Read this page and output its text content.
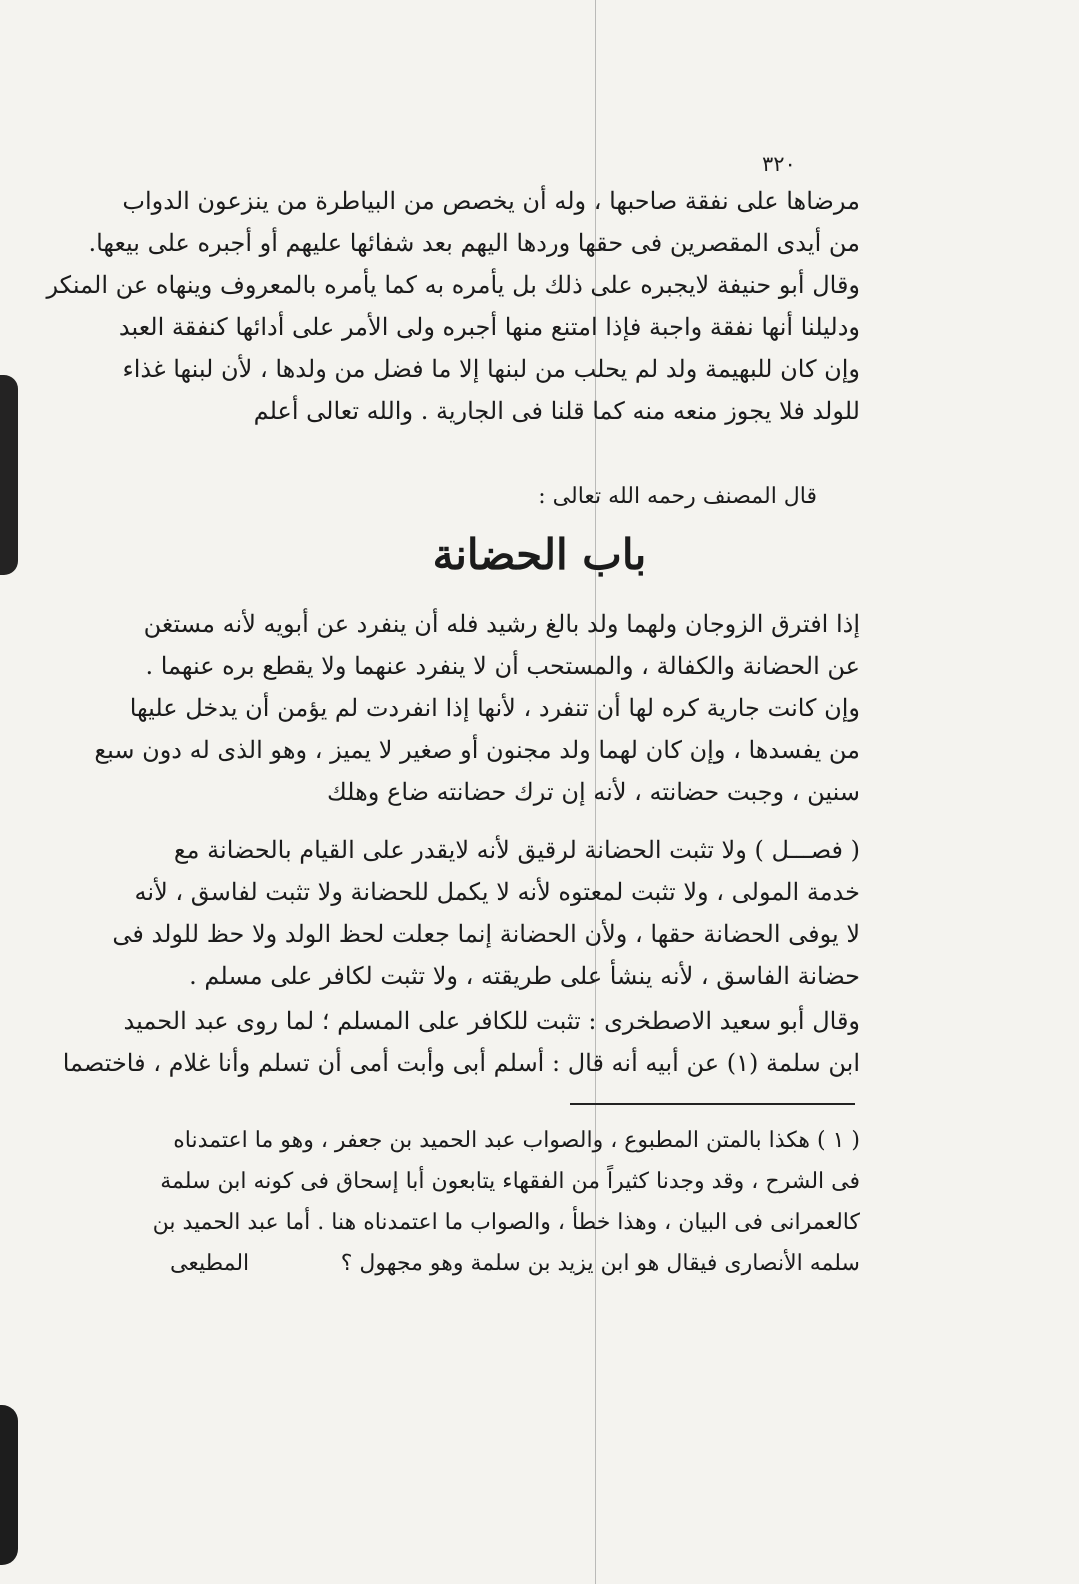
٣٢٠
مرضاها على نفقة صاحبها ، وله أن يخصص من البياطرة من ينزعون الدواب
من أيدى المقصرين فى حقها وردها اليهم بعد شفائها عليهم أو أجبره على بيعها.
وقال أبو حنيفة لايجبره على ذلك بل يأمره به كما يأمره بالمعروف وينهاه عن المنكر
ودليلنا أنها نفقة واجبة فإذا امتنع منها أجبره ولى الأمر على أدائها كنفقة العبد
وإن كان للبهيمة ولد لم يحلب من لبنها إلا ما فضل من ولدها ، لأن لبنها غذاء
للولد فلا يجوز منعه منه كما قلنا فى الجارية . والله تعالى أعلم
قال المصنف رحمه الله تعالى :
باب الحضانة
إذا افترق الزوجان ولهما ولد بالغ رشيد فله أن ينفرد عن أبويه لأنه مستغن
عن الحضانة والكفالة ، والمستحب أن لا ينفرد عنهما ولا يقطع بره عنهما .
وإن كانت جارية كره لها أن تنفرد ، لأنها إذا انفردت لم يؤمن أن يدخل عليها
من يفسدها ، وإن كان لهما ولد مجنون أو صغير لا يميز ، وهو الذى له دون سبع
سنين ، وجبت حضانته ، لأنه إن ترك حضانته ضاع وهلك
( فصـــل ) ولا تثبت الحضانة لرقيق لأنه لايقدر على القيام بالحضانة مع
خدمة المولى ، ولا تثبت لمعتوه لأنه لا يكمل للحضانة ولا تثبت لفاسق ، لأنه
لا يوفى الحضانة حقها ، ولأن الحضانة إنما جعلت لحظ الولد ولا حظ للولد فى
حضانة الفاسق ، لأنه ينشأ على طريقته ، ولا تثبت لكافر على مسلم .
وقال أبو سعيد الاصطخرى : تثبت للكافر على المسلم ؛ لما روى عبد الحميد
ابن سلمة (١) عن أبيه أنه قال : أسلم أبى وأبت أمى أن تسلم وأنا غلام ، فاختصما
( ١ ) هكذا بالمتن المطبوع ، والصواب عبد الحميد بن جعفر ، وهو ما اعتمدناه
فى الشرح ، وقد وجدنا كثيراً من الفقهاء يتابعون أبا إسحاق فى كونه ابن سلمة
كالعمرانى فى البيان ، وهذا خطأ ، والصواب ما اعتمدناه هنا . أما عبد الحميد بن
سلمه الأنصارى فيقال هو ابن يزيد بن سلمة وهو مجهول ؟
المطيعى
